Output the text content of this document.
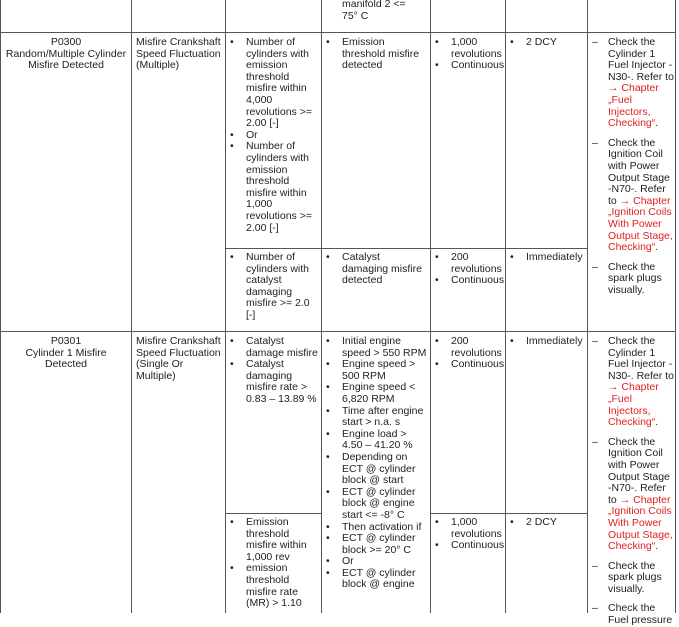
manifold 2 <= 75° C
P0300
Random/Multiple Cylinder Misfire Detected
Misfire Crankshaft Speed Fluctuation (Multiple)
• Number of cylinders with emission threshold misfire within 4,000 revolutions >= 2.00 [-]
• Or
• Number of cylinders with emission threshold misfire within 1,000 revolutions >= 2.00 [-]
• Emission threshold misfire detected
• 1,000 revolutions
• Continuous
• 2 DCY	– Check the Cylinder 1 Fuel Injector -N30-. Refer to → Chapter „Fuel Injectors, Checking“.
– Check the Ignition Coil with Power Output Stage -N70-. Refer to → Chapter „Ignition Coils With Power Output Stage, Checking“.
– Check the spark plugs visually.
• Number of cylinders with catalyst damaging misfire >= 2.0 [-]
• Catalyst damaging misfire detected
• 200 revolutions
• Continuous
• Immediately
P0301
Cylinder 1 Misfire Detected
Misfire Crankshaft Speed Fluctuation (Single Or Multiple)
• Catalyst damage misfire
• Catalyst damaging misfire rate > 0.83 – 13.89 %
• Initial engine speed > 550 RPM
• Engine speed > 500 RPM
• Engine speed < 6,820 RPM
• Time after engine start > n.a. s
• Engine load > 4.50 – 41.20 %
• Depending on ECT @ cylinder block @ start
• ECT @ cylinder block @ engine start <= -8° C
• Then activation if
• ECT @ cylinder block >= 20° C
• Or
• ECT @ cylinder block @ engine
• 200 revolutions
• Continuous
• Immediately	– Check the Cylinder 1 Fuel Injector -N30-. Refer to → Chapter „Fuel Injectors, Checking“.
– Check the Ignition Coil with Power Output Stage -N70-. Refer to → Chapter „Ignition Coils With Power Output Stage, Checking“.
– Check the spark plugs visually.
– Check the Fuel pressure
• Emission threshold misfire within 1,000 rev
• emission threshold misfire rate (MR) > 1.10
• 1,000 revolutions
• Continuous
• 2 DCY
